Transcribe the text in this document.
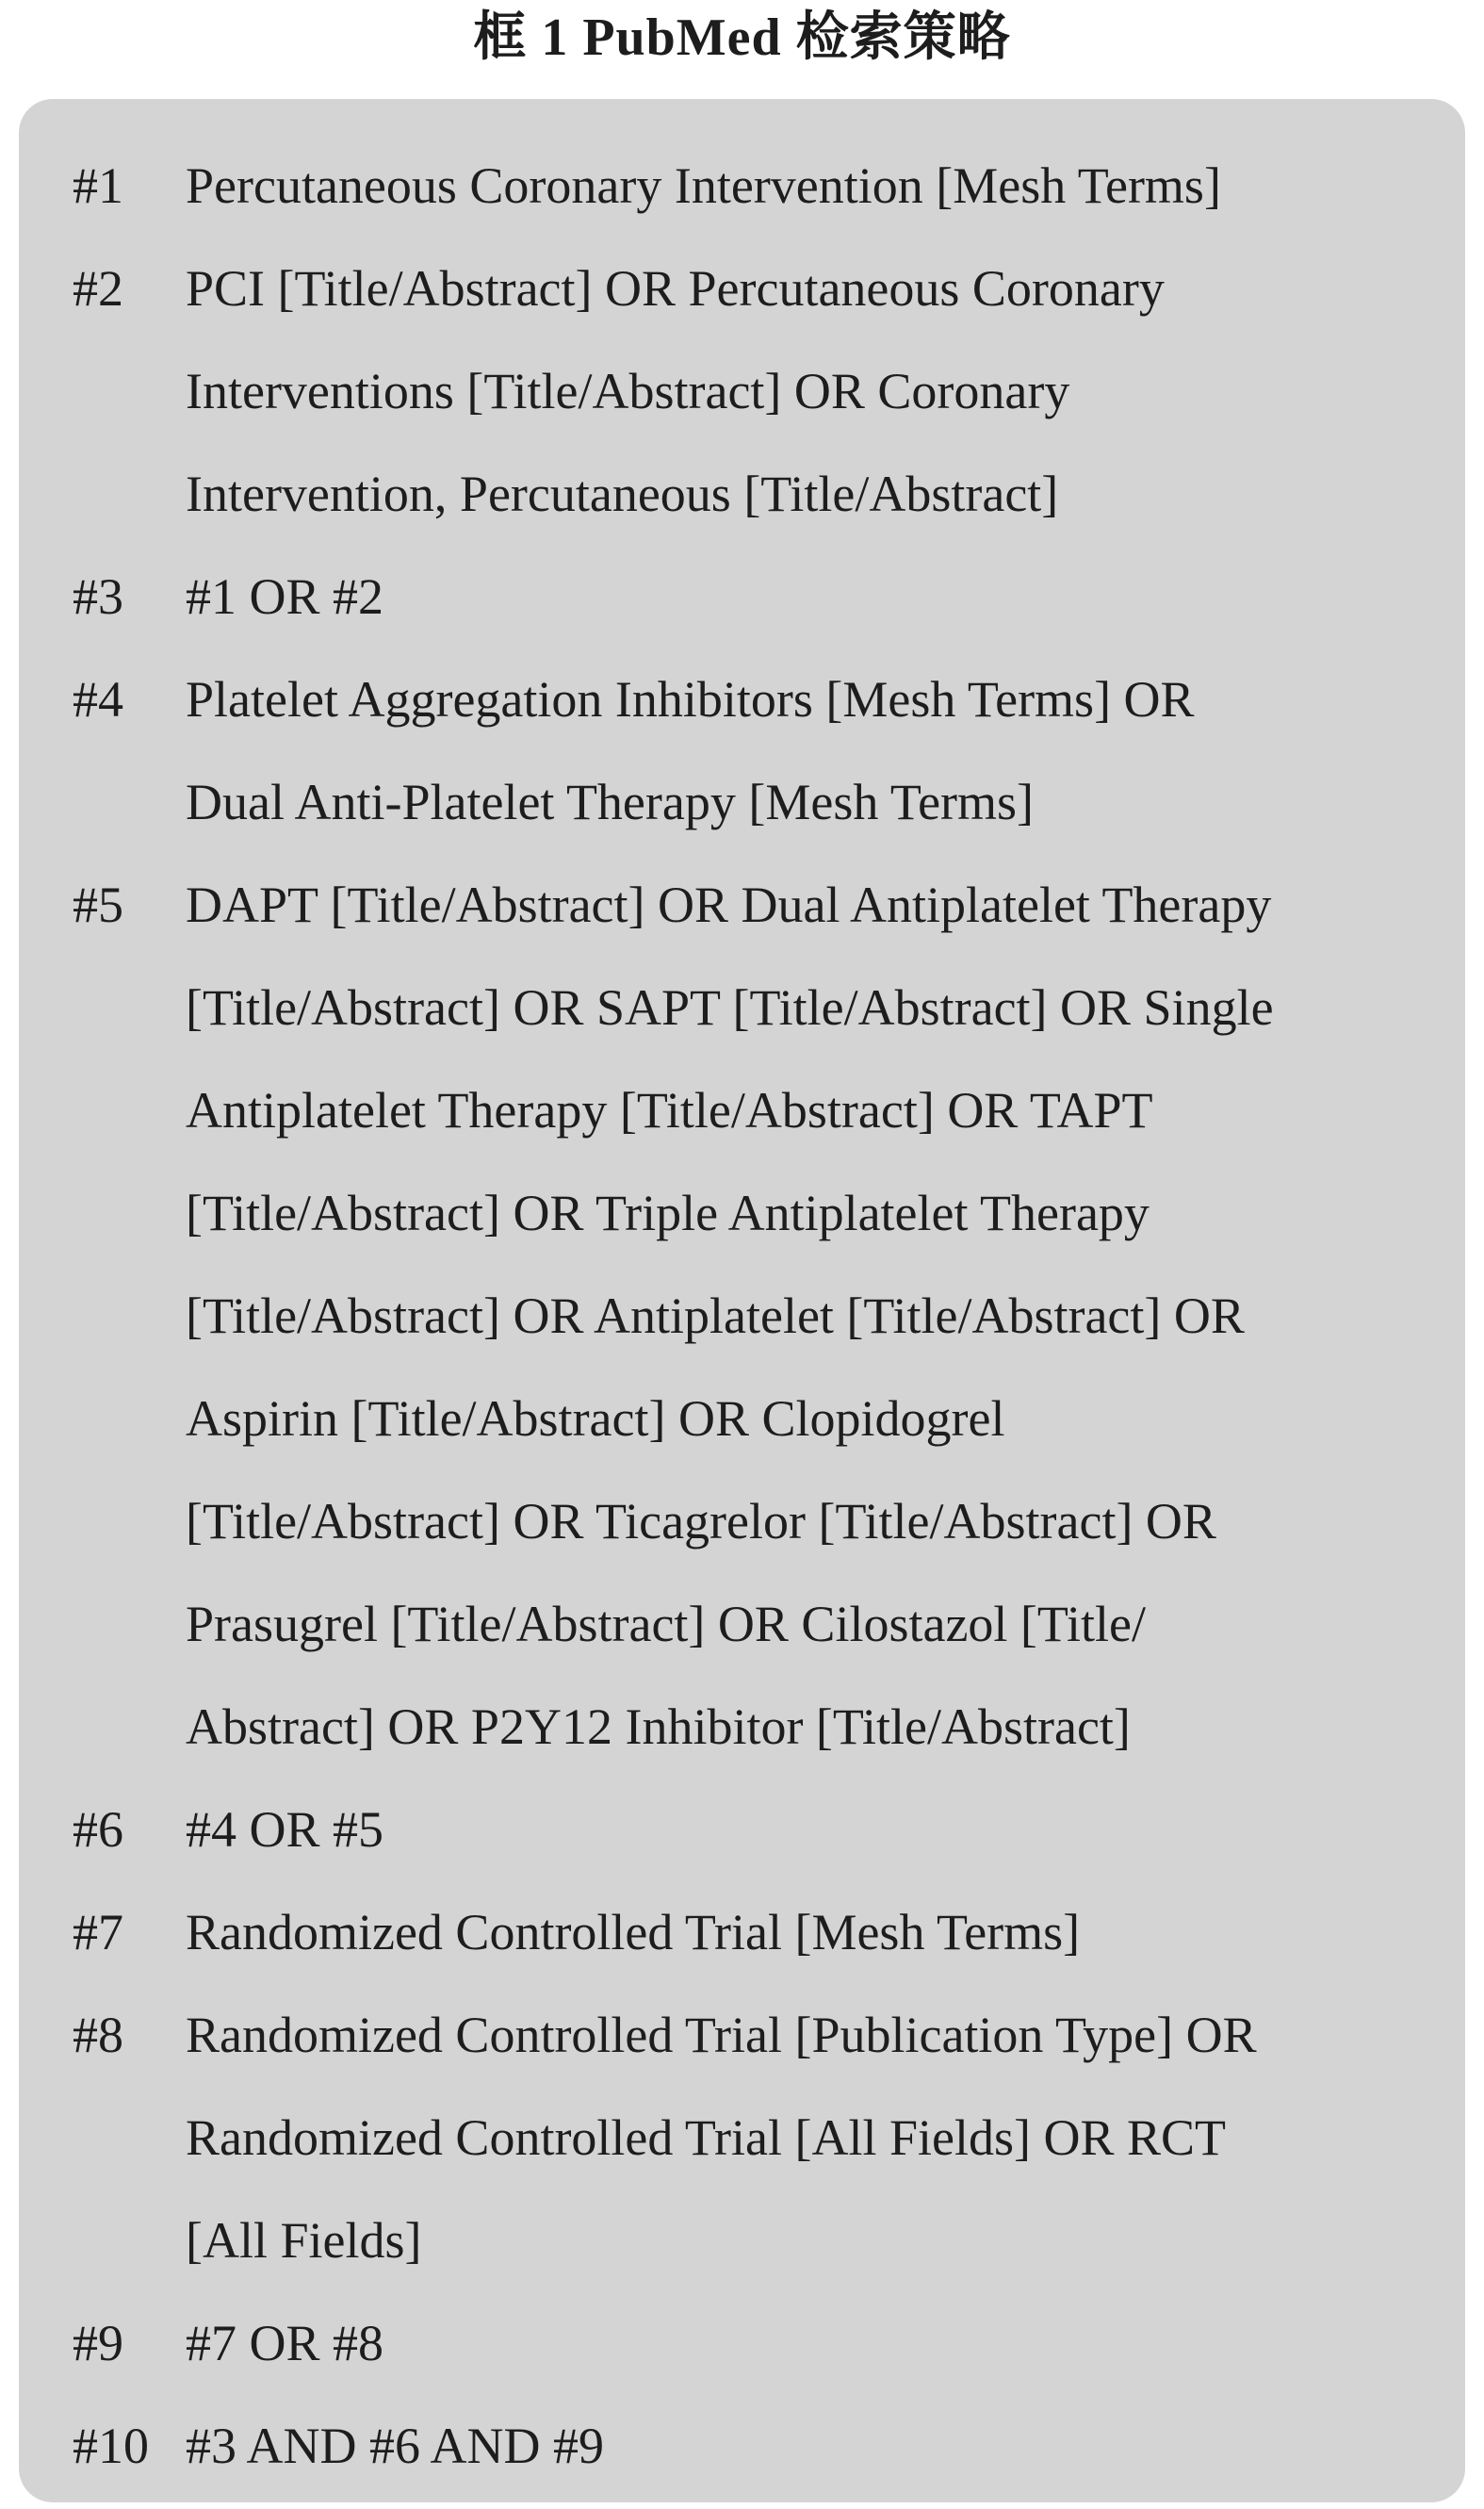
框 1 PubMed 检索策略
#1	Percutaneous Coronary Intervention [Mesh Terms]
#2	PCI [Title/Abstract] OR Percutaneous Coronary
Interventions [Title/Abstract] OR Coronary
Intervention, Percutaneous [Title/Abstract]
#3	#1 OR #2
#4	Platelet Aggregation Inhibitors [Mesh Terms] OR
Dual Anti-Platelet Therapy [Mesh Terms]
#5	DAPT [Title/Abstract] OR Dual Antiplatelet Therapy
[Title/Abstract] OR SAPT [Title/Abstract] OR Single
Antiplatelet Therapy [Title/Abstract] OR TAPT
[Title/Abstract] OR Triple Antiplatelet Therapy
[Title/Abstract] OR Antiplatelet [Title/Abstract] OR
Aspirin [Title/Abstract] OR Clopidogrel
[Title/Abstract] OR Ticagrelor [Title/Abstract] OR
Prasugrel [Title/Abstract] OR Cilostazol [Title/
Abstract] OR P2Y12 Inhibitor [Title/Abstract]
#6	#4 OR #5
#7	Randomized Controlled Trial [Mesh Terms]
#8	Randomized Controlled Trial [Publication Type] OR
Randomized Controlled Trial [All Fields] OR RCT
[All Fields]
#9	#7 OR #8
#10 #3 AND #6 AND #9
